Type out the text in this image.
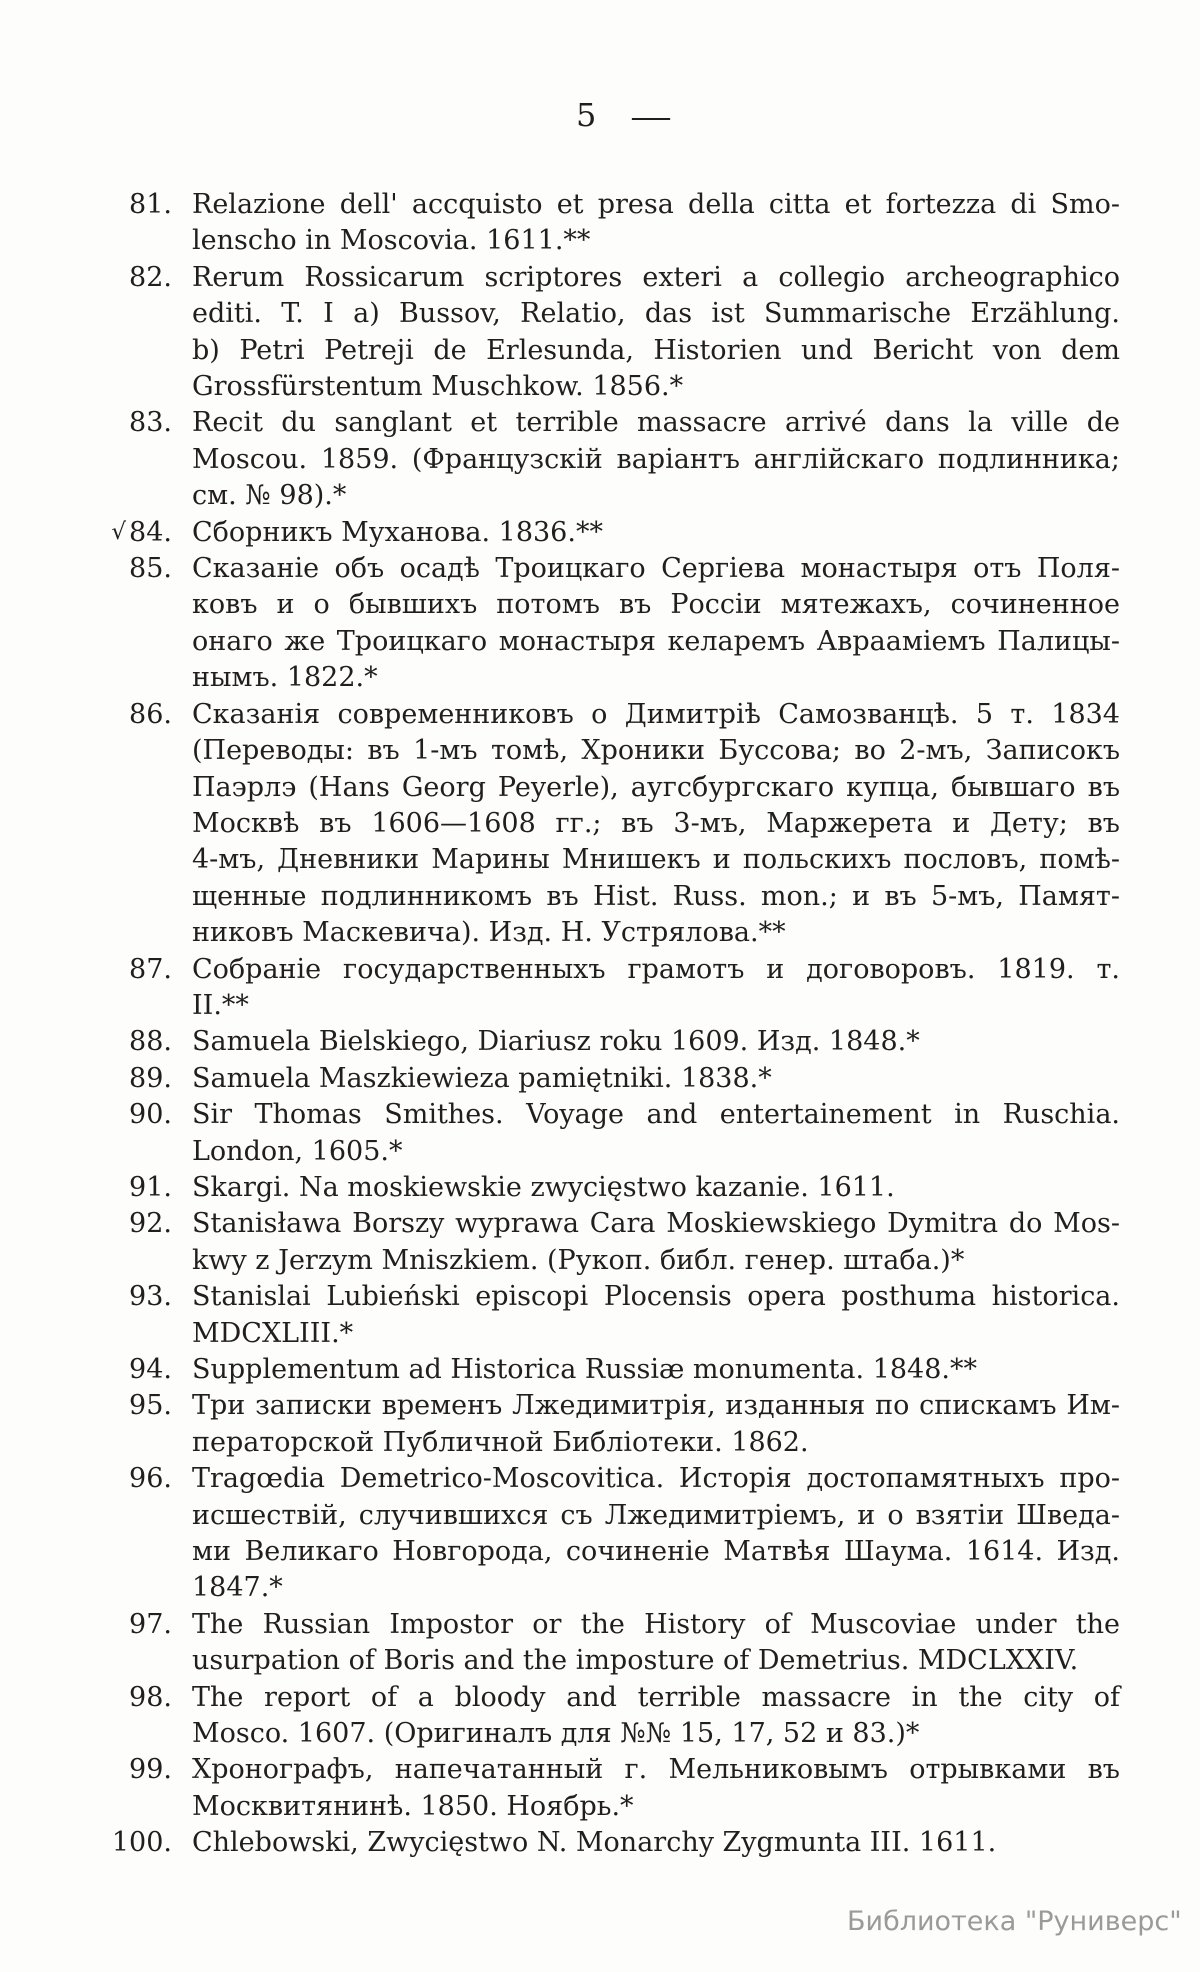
5 —
81. Relazione dell' accquisto et presa della citta et fortezza di Smo-
lenscho in Moscovia. 1611.**
82. Rerum Rossicarum scriptores exteri a collegio archeographico
editi. T. I a) Bussov, Relatio, das ist Summarische Erzählung.
b) Petri Petreji de Erlesunda, Historien und Bericht von dem
Grossfürstentum Muschkow. 1856.*
83. Recit du sanglant et terrible massacre arrivé dans la ville de
Moscou. 1859. (Французскій варіантъ англійскаго подлинника;
см. № 98).*
√ 84. Сборникъ Муханова. 1836.**
85. Сказаніе объ осадѣ Троицкаго Сергіева монастыря отъ Поля-
ковъ и о бывшихъ потомъ въ Россіи мятежахъ, сочиненное
онаго же Троицкаго монастыря келаремъ Аврааміемъ Палицы-
нымъ. 1822.*
86. Сказанія современниковъ о Димитріѣ Самозванцѣ. 5 т. 1834
(Переводы: въ 1-мъ томѣ, Хроники Буссова; во 2-мъ, Записокъ
Паэрлэ (Hans Georg Peyerle), аугсбургскаго купца, бывшаго въ
Москвѣ въ 1606—1608 гг.; въ 3-мъ, Маржерета и Дету; въ
4-мъ, Дневники Марины Мнишекъ и польскихъ пословъ, помѣ-
щенные подлинникомъ въ Hist. Russ. mon.; и въ 5-мъ, Памят-
никовъ Маскевича). Изд. Н. Устрялова.**
87. Собраніе государственныхъ грамотъ и договоровъ. 1819. т.
II.**
88. Samuela Bielskiego, Diariusz roku 1609. Изд. 1848.*
89. Samuela Maszkiewieza pamiętniki. 1838.*
90. Sir Thomas Smithes. Voyage and entertainement in Ruschia.
London, 1605.*
91. Skargi. Na moskiewskie zwycięstwo kazanie. 1611.
92. Stanisława Borszy wyprawa Cara Moskiewskiego Dymitra do Mos-
kwy z Jerzym Mniszkiem. (Рукоп. библ. генер. штаба.)*
93. Stanislai Lubieński episcopi Plocensis opera posthuma historica.
MDCXLIII.*
94. Supplementum ad Historica Russiæ monumenta. 1848.**
95. Три записки временъ Лжедимитрія, изданныя по спискамъ Им-
ператорской Публичной Библіотеки. 1862.
96. Tragœdia Demetrico-Moscovitica. Исторія достопамятныхъ про-
исшествій, случившихся съ Лжедимитріемъ, и о взятіи Шведа-
ми Великаго Новгорода, сочиненіе Матвѣя Шаума. 1614. Изд.
1847.*
97. The Russian Impostor or the History of Muscoviae under the
usurpation of Boris and the imposture of Demetrius. MDCLXXIV.
98. The report of a bloody and terrible massacre in the city of
Mosco. 1607. (Оригиналъ для №№ 15, 17, 52 и 83.)*
99. Хронографъ, напечатанный г. Мельниковымъ отрывками въ
Москвитянинѣ. 1850. Ноябрь.*
100. Chlebowski, Zwycięstwo N. Monarchy Zygmunta III. 1611.
Библиотека "Руниверс"
